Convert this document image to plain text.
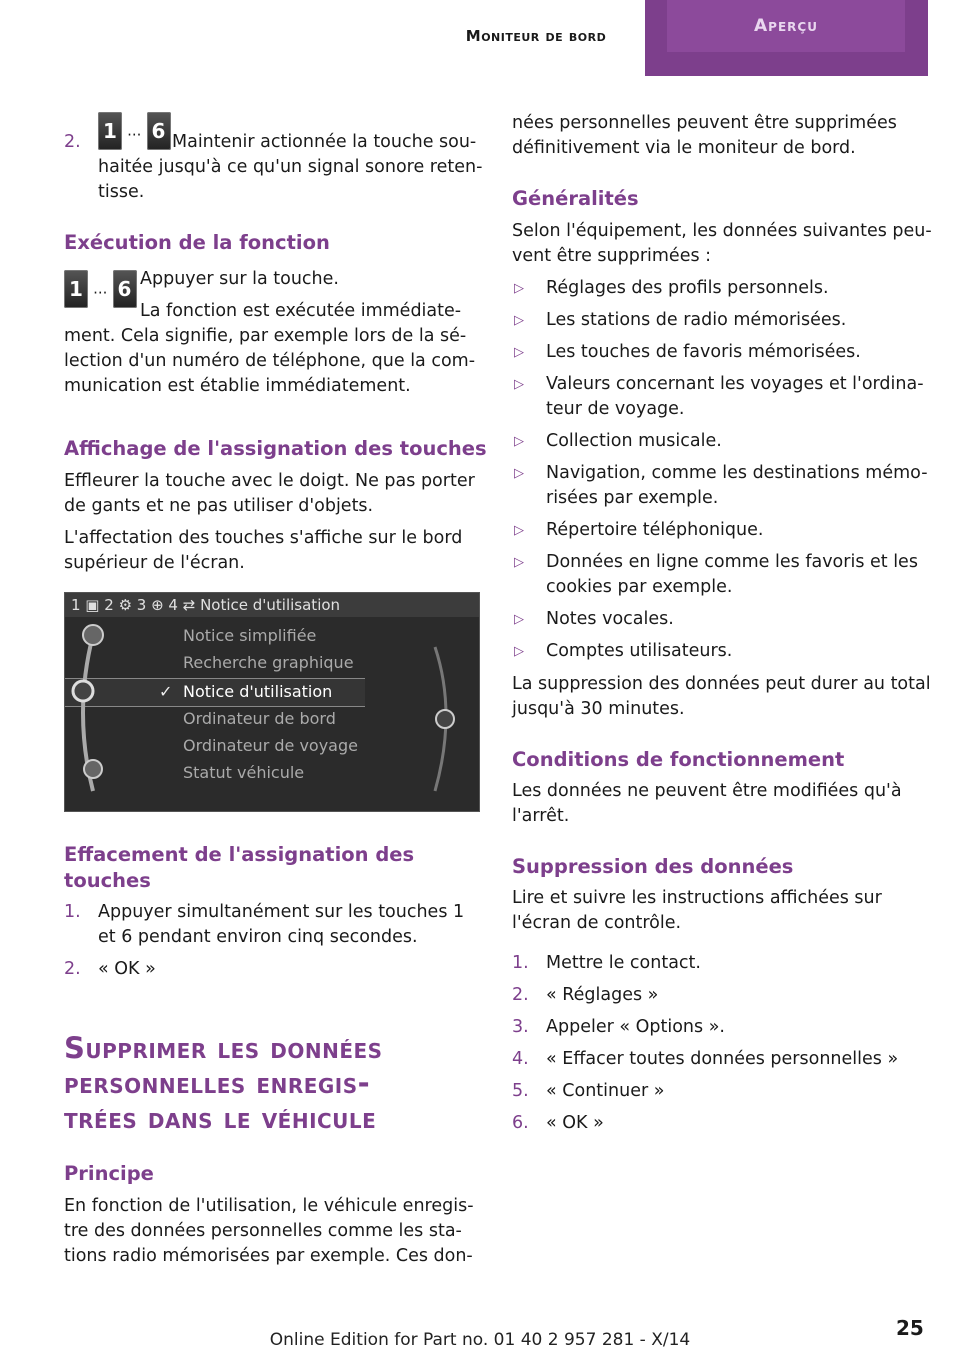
Moniteur de bord	Aperçu
2. 1 ... 6 Maintenir actionnée la touche sou-

haitée jusqu'à ce qu'un signal sonore reten-

tisse.

Exécution de la fonction
1 ... 6 Appuyer sur la touche.

La fonction est exécutée immédiate-

ment. Cela signifie, par exemple lors de la sé-

lection d'un numéro de téléphone, que la com-

munication est établie immédiatement.

Affichage de l'assignation des touches

Effleurer la touche avec le doigt. Ne pas porter

de gants et ne pas utiliser d'objets.

L'affectation des touches s'affiche sur le bord

supérieur de l'écran.

1 ▣ 2 ⚙ 3 ⊕ 4 ⇄ Notice d'utilisation
Notice simplifiée
Recherche graphique
✓ Notice d'utilisation
Ordinateur de bord
Ordinateur de voyage
Statut véhicule
Effacement de l'assignation des
touches
1. Appuyer simultanément sur les touches 1

et 6 pendant environ cinq secondes.

2. « OK »

Supprimer les données
personnelles enregis-
trées dans le véhicule
Principe

En fonction de l'utilisation, le véhicule enregis-

tre des données personnelles comme les sta-

tions radio mémorisées par exemple. Ces don-

nées personnelles peuvent être supprimées

définitivement via le moniteur de bord.

Généralités

Selon l'équipement, les données suivantes peu-

vent être supprimées :

▷ Réglages des profils personnels.

▷ Les stations de radio mémorisées.

▷ Les touches de favoris mémorisées.

▷ Valeurs concernant les voyages et l'ordina-

teur de voyage.

▷ Collection musicale.

▷ Navigation, comme les destinations mémo-

risées par exemple.

▷ Répertoire téléphonique.

▷ Données en ligne comme les favoris et les

cookies par exemple.

▷ Notes vocales.

▷ Comptes utilisateurs.

La suppression des données peut durer au total

jusqu'à 30 minutes.

Conditions de fonctionnement

Les données ne peuvent être modifiées qu'à

l'arrêt.

Suppression des données

Lire et suivre les instructions affichées sur

l'écran de contrôle.

1. Mettre le contact.

2. « Réglages »

3. Appeler « Options ».

4. « Effacer toutes données personnelles »

5. « Continuer »

6. « OK »

Online Edition for Part no. 01 40 2 957 281 - X/14	25
